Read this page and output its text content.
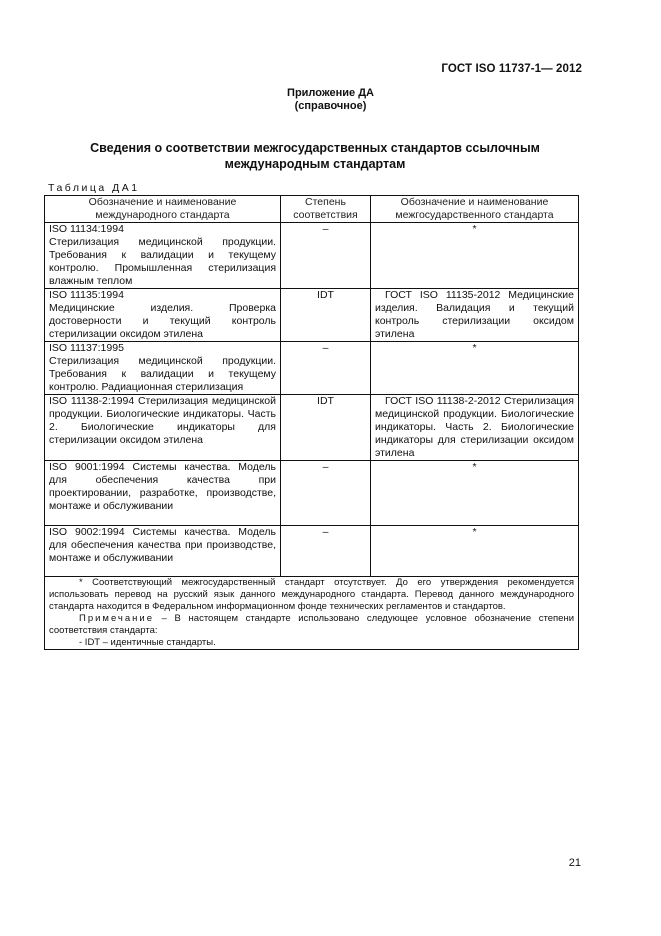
ГОСТ ISO 11737-1— 2012
Приложение ДА
(справочное)
Сведения о соответствии межгосударственных стандартов ссылочным
международным стандартам
Таблица ДА1
Обозначение и наименование международного стандарта	Степень соответствия	Обозначение и наименование межгосударственного стандарта

ISO 11134:1994
Стерилизация медицинской продукции. Требования к валидации и текущему контролю. Промышленная стерилизация влажным теплом	–	*

ISO 11135:1994
Медицинские изделия. Проверка достоверности и текущий контроль стерилизации оксидом этилена	IDT	ГОСТ ISO 11135-2012 Медицинские изделия. Валидация и текущий контроль стерилизации оксидом этилена

ISO 11137:1995
Стерилизация медицинской продукции. Требования к валидации и текущему контролю. Радиационная стерилизация	–	*
ISO 11138-2:1994 Стерилизация медицинской продукции. Биологические индикаторы. Часть 2. Биологические индикаторы для стерилизации оксидом этилена	IDT	ГОСТ ISO 11138-2-2012 Стерилизация медицинской продукции. Биологические индикаторы. Часть 2. Биологические индикаторы для стерилизации оксидом этилена
ISO 9001:1994 Системы качества. Модель для обеспечения качества при проектировании, разработке, производстве, монтаже и обслуживании	–	*
ISO 9002:1994 Системы качества. Модель для обеспечения качества при производстве, монтаже и обслуживании	–	*

* Соответствующий межгосударственный стандарт отсутствует. До его утверждения рекомендуется использовать перевод на русский язык данного международного стандарта. Перевод данного международного стандарта находится в Федеральном информационном фонде технических регламентов и стандартов.

Примечание – В настоящем стандарте использовано следующее условное обозначение степени соответствия стандарта:

- IDT – идентичные стандарты.		

21
